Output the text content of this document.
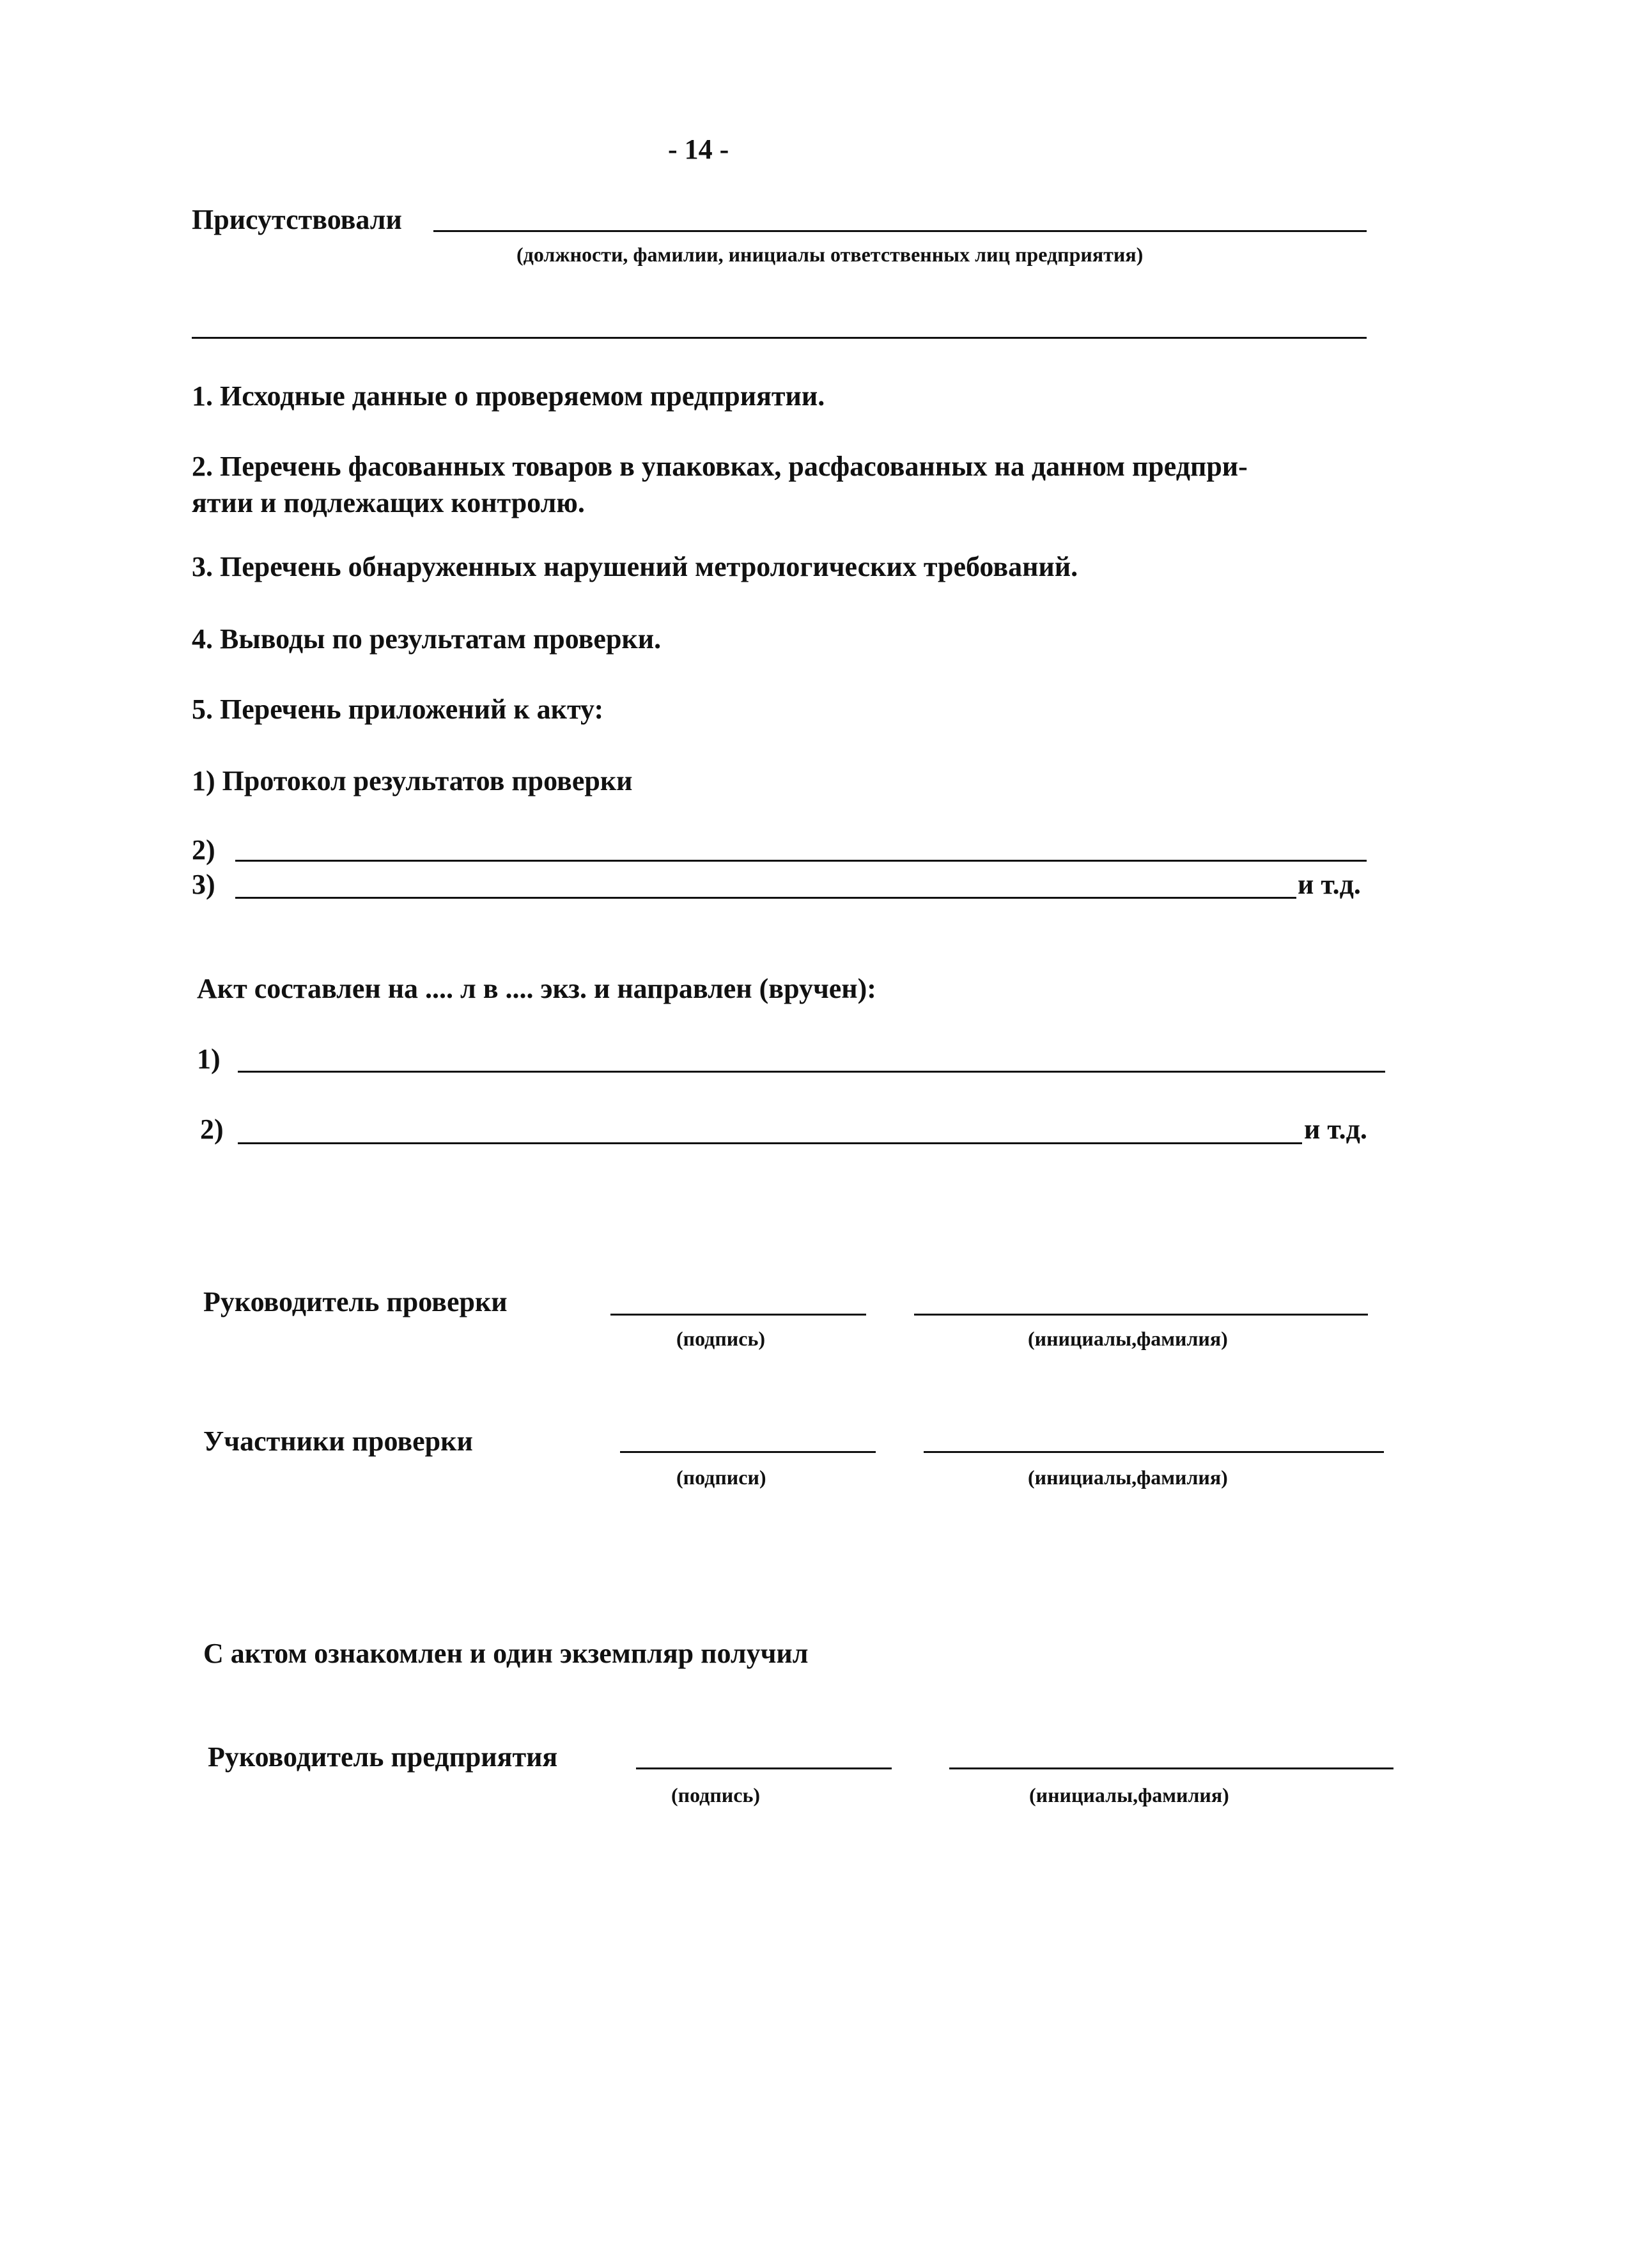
- 14 -
Присутствовали
(должности, фамилии, инициалы ответственных лиц предприятия)
1. Исходные данные о проверяемом предприятии.
2. Перечень фасованных товаров в упаковках, расфасованных на данном предпри-
ятии и подлежащих контролю.
3. Перечень обнаруженных нарушений метрологических требований.
4. Выводы по результатам проверки.
5. Перечень приложений к акту:
1) Протокол результатов проверки
2)
3)	и т.д.
Акт составлен на .... л в .... экз. и направлен (вручен):
1)
2)	и т.д.
Руководитель проверки
(подпись)	(инициалы,фамилия)
Участники проверки
(подписи)	(инициалы,фамилия)
С актом ознакомлен и один экземпляр получил
Руководитель предприятия
(подпись)	(инициалы,фамилия)
